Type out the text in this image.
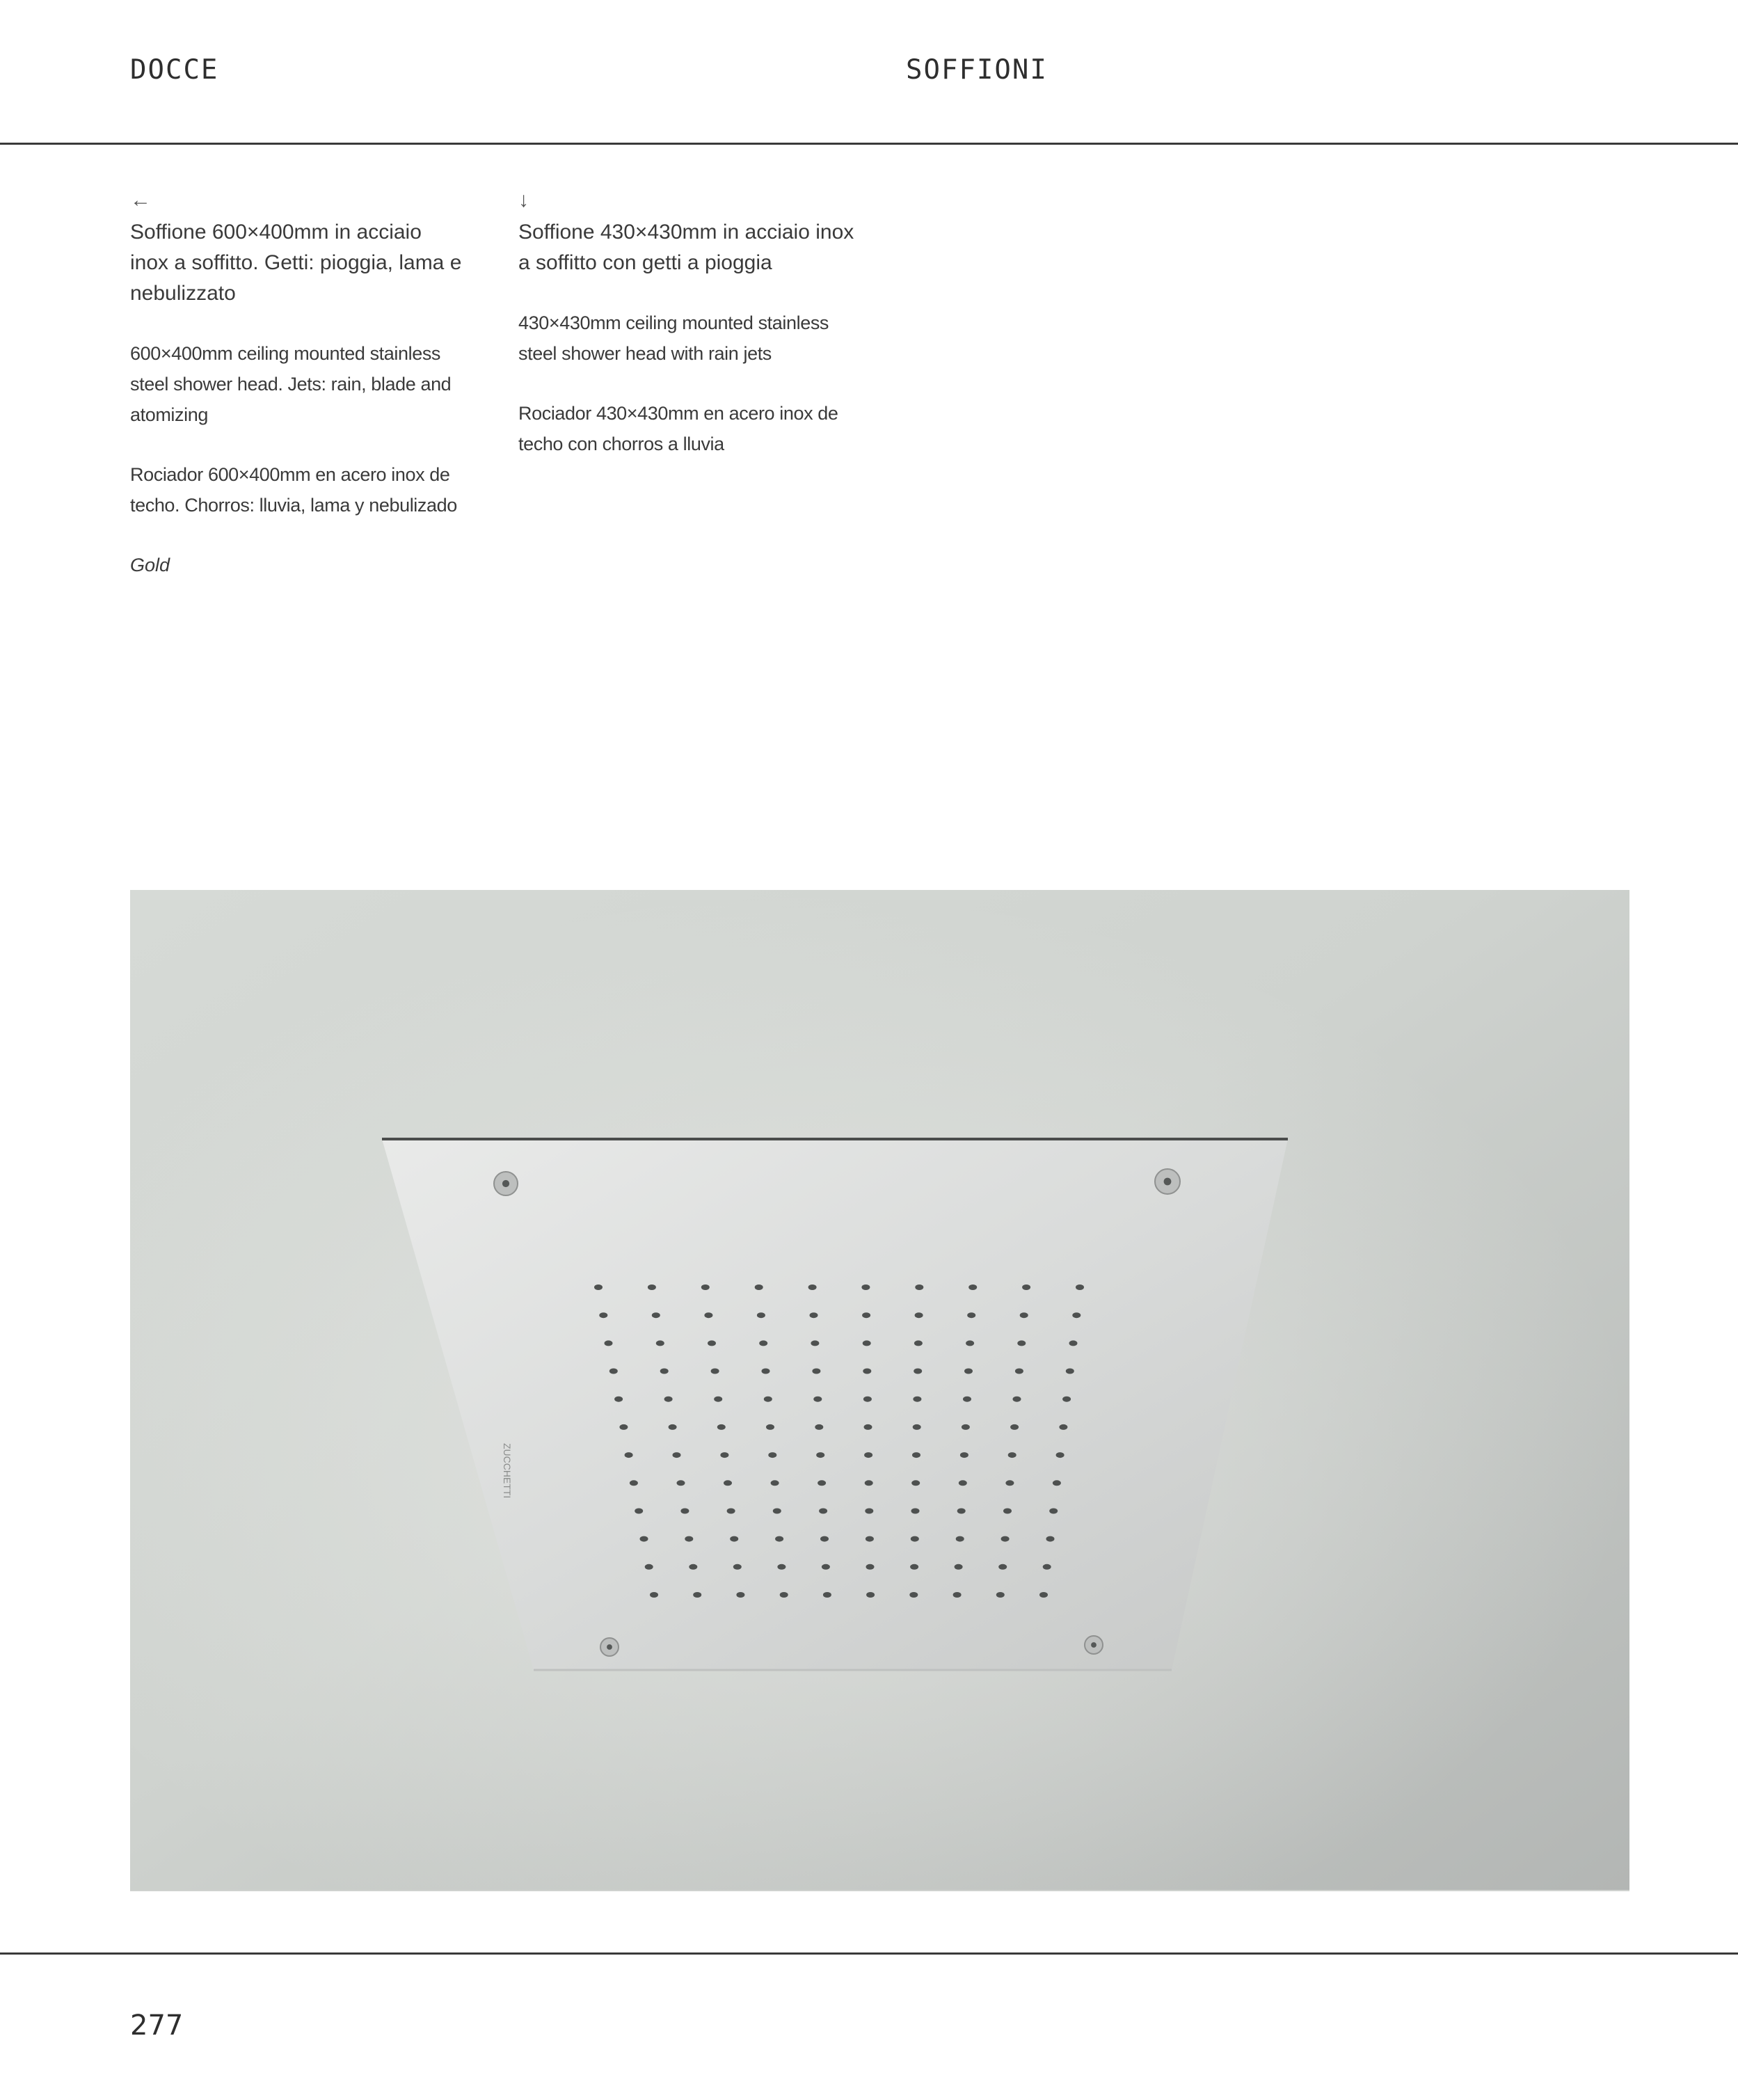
DOCCE	SOFFIONI
←

Soffione 600×400mm in acciaio inox a soffitto. Getti: pioggia, lama e nebulizzato

600×400mm ceiling mounted stainless steel shower head. Jets: rain, blade and atomizing

Rociador 600×400mm en acero inox de techo. Chorros: lluvia, lama y nebulizado

Gold
↓

Soffione 430×430mm in acciaio inox a soffitto con getti a pioggia

430×430mm ceiling mounted stainless steel shower head with rain jets

Rociador 430×430mm en acero inox de techo con chorros a lluvia

ZUCCHETTI
277
